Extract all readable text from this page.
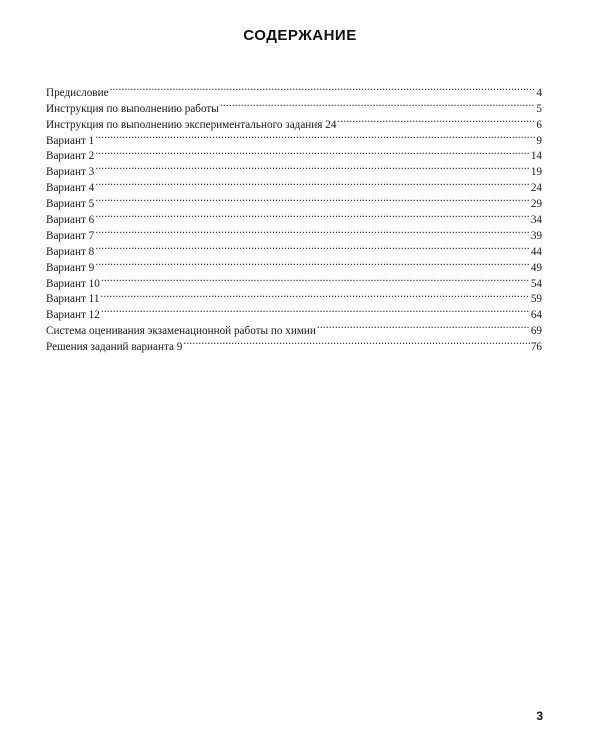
СОДЕРЖАНИЕ
Предисловие .....	4
Инструкция по выполнению работы .....	5
Инструкция по выполнению экспериментального задания 24 .....	6
Вариант 1 .....	9
Вариант 2 .....	14
Вариант 3 .....	19
Вариант 4 .....	24
Вариант 5 .....	29
Вариант 6 .....	34
Вариант 7 .....	39
Вариант 8 .....	44
Вариант 9 .....	49
Вариант 10 .....	54
Вариант 11 .....	59
Вариант 12 .....	64
Система оценивания экзаменационной работы по химии .....	69
Решения заданий варианта 9 .....	76
3
